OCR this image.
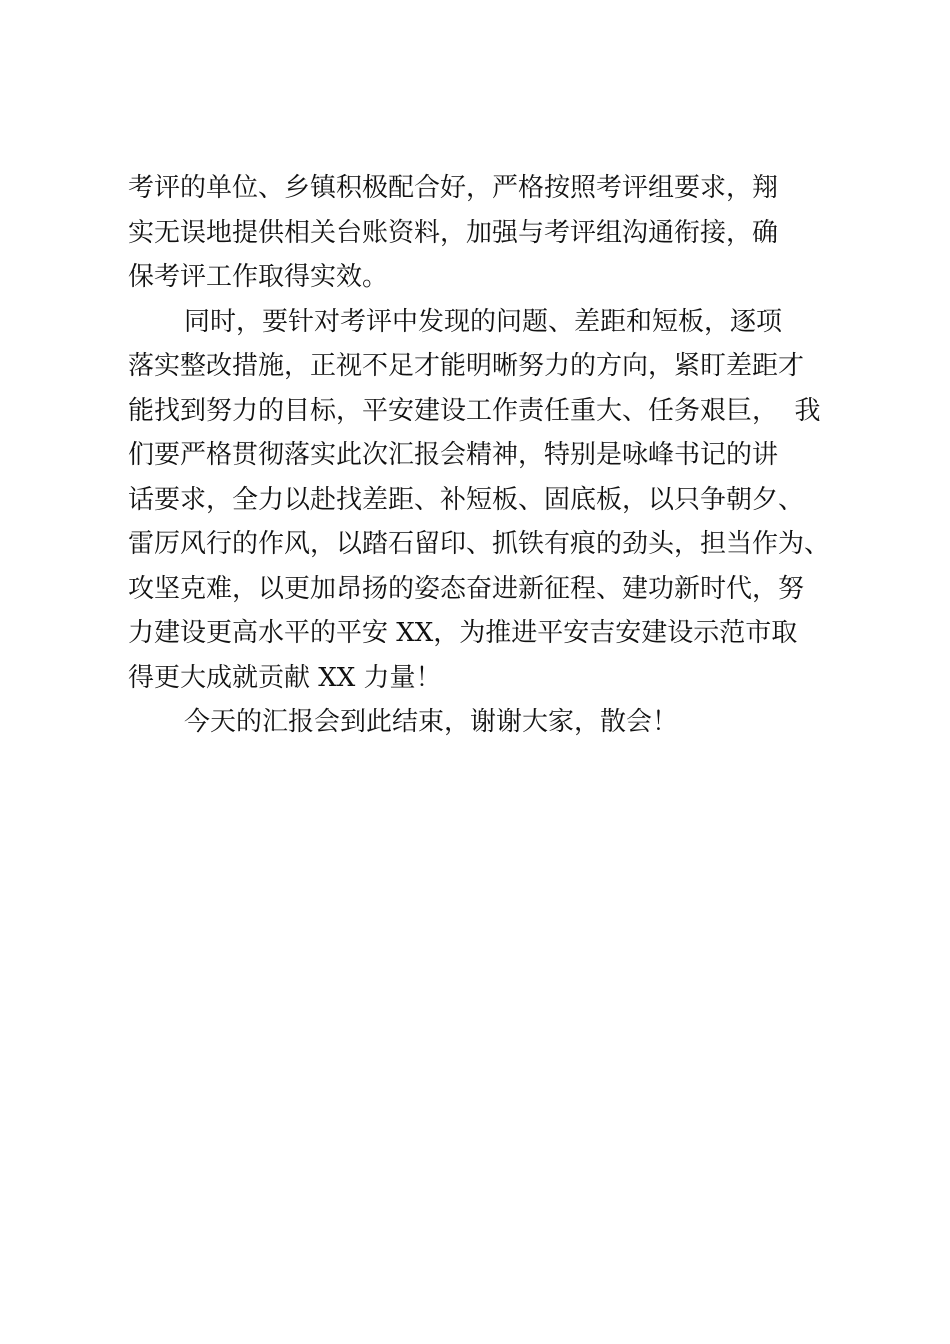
考评的单位、乡镇积极配合好，严格按照考评组要求，翔
实无误地提供相关台账资料，加强与考评组沟通衔接，确
保考评工作取得实效。
同时，要针对考评中发现的问题、差距和短板，逐项
落实整改措施，正视不足才能明晰努力的方向，紧盯差距才
能找到努力的目标，平安建设工作责任重大、任务艰巨，  我
们要严格贯彻落实此次汇报会精神，特别是咏峰书记的讲
话要求，全力以赴找差距、补短板、固底板，以只争朝夕、
雷厉风行的作风，以踏石留印、抓铁有痕的劲头，担当作为、
攻坚克难，以更加昂扬的姿态奋进新征程、建功新时代，努
力建设更高水平的平安 XX，为推进平安吉安建设示范市取
得更大成就贡献 XX 力量！
今天的汇报会到此结束，谢谢大家，散会！
